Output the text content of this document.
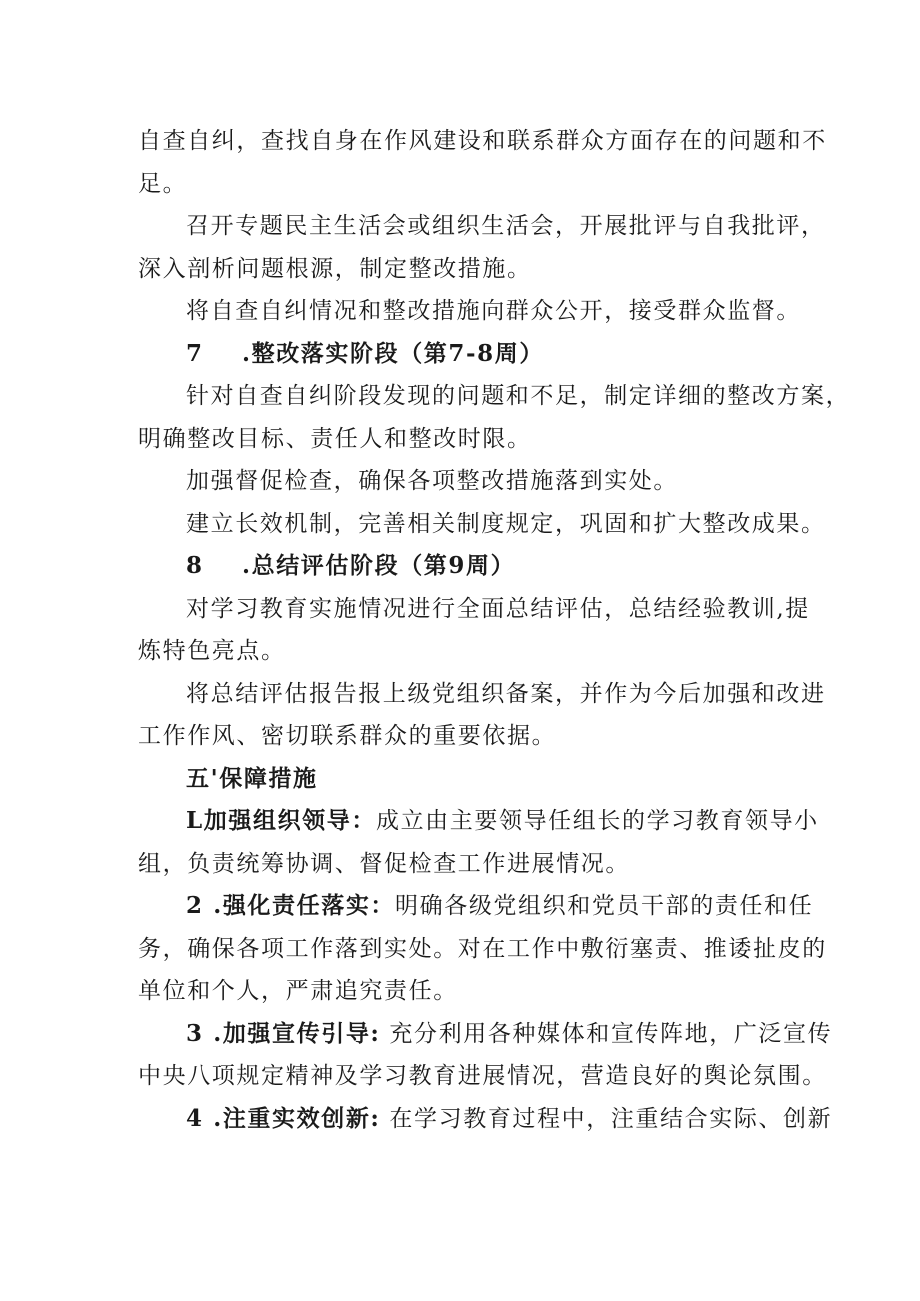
自查自纠，查找自身在作风建设和联系群众方面存在的问题和不
足。
召开专题民主生活会或组织生活会，开展批评与自我批评，
深入剖析问题根源，制定整改措施。
将自查自纠情况和整改措施向群众公开，接受群众监督。
7 .整改落实阶段（第7-8周）
针对自查自纠阶段发现的问题和不足，制定详细的整改方案，
明确整改目标、责任人和整改时限。
加强督促检查，确保各项整改措施落到实处。
建立长效机制，完善相关制度规定，巩固和扩大整改成果。
8 .总结评估阶段（第9周）
对学习教育实施情况进行全面总结评估，总结经验教训,提
炼特色亮点。
将总结评估报告报上级党组织备案，并作为今后加强和改进
工作作风、密切联系群众的重要依据。
五'保障措施
L加强组织领导：成立由主要领导任组长的学习教育领导小
组，负责统筹协调、督促检查工作进展情况。
2 .强化责任落实：明确各级党组织和党员干部的责任和任
务，确保各项工作落到实处。对在工作中敷衍塞责、推诿扯皮的
单位和个人，严肃追究责任。
3 .加强宣传引导: 充分利用各种媒体和宣传阵地，广泛宣传
中央八项规定精神及学习教育进展情况，营造良好的舆论氛围。
4 .注重实效创新: 在学习教育过程中，注重结合实际、创新
